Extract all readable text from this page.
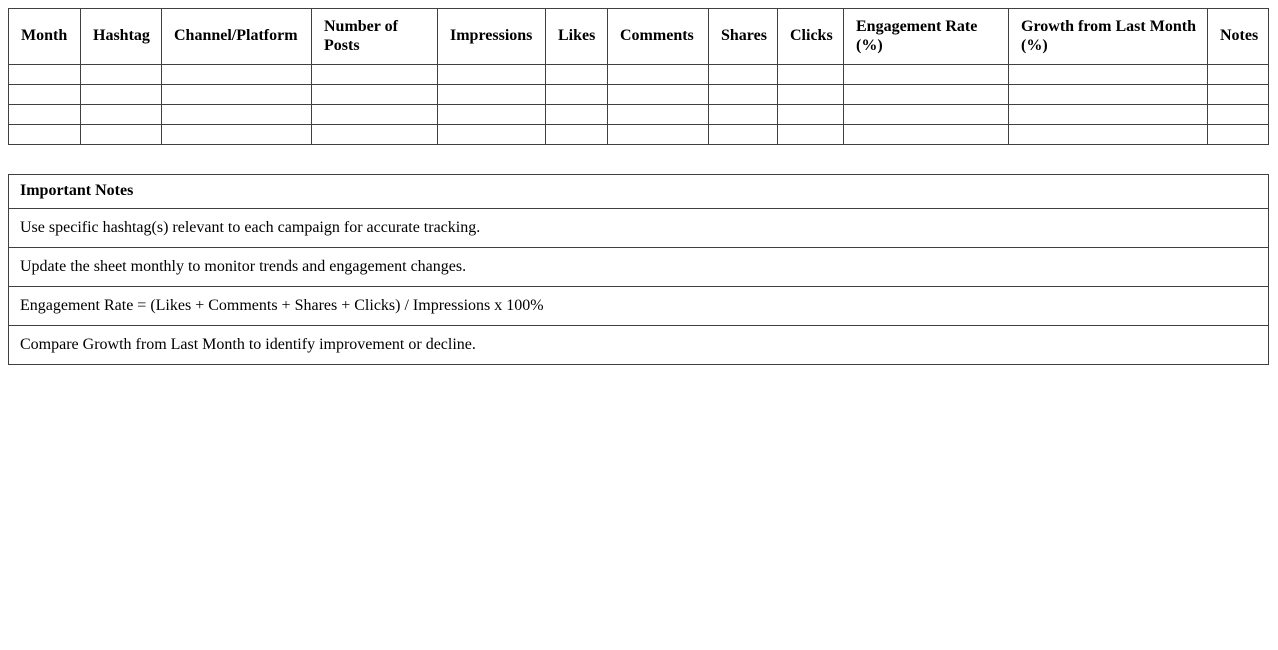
Month	Hashtag	Channel/Platform	Number of Posts	Impressions	Likes	Comments	Shares	Clicks	Engagement Rate (%)	Growth from Last Month (%)	Notes

Important Notes
Use specific hashtag(s) relevant to each campaign for accurate tracking.
Update the sheet monthly to monitor trends and engagement changes.
Engagement Rate = (Likes + Comments + Shares + Clicks) / Impressions x 100%
Compare Growth from Last Month to identify improvement or decline.
